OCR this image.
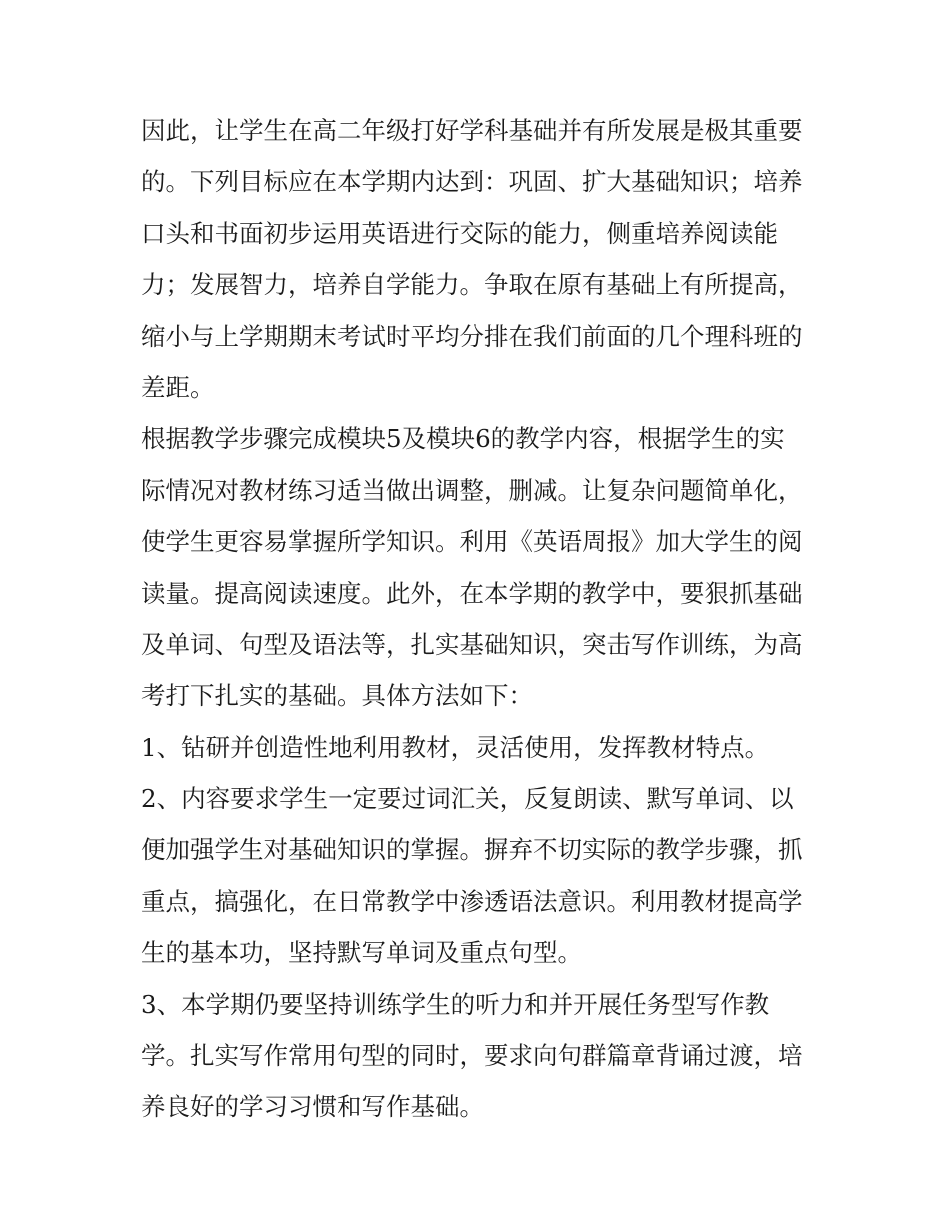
因此，让学生在高二年级打好学科基础并有所发展是极其重要
的。下列目标应在本学期内达到：巩固、扩大基础知识；培养
口头和书面初步运用英语进行交际的能力，侧重培养阅读能
力；发展智力，培养自学能力。争取在原有基础上有所提高，
缩小与上学期期末考试时平均分排在我们前面的几个理科班的
差距。
根据教学步骤完成模块5及模块6的教学内容，根据学生的实
际情况对教材练习适当做出调整，删减。让复杂问题简单化，
使学生更容易掌握所学知识。利用《英语周报》加大学生的阅
读量。提高阅读速度。此外，在本学期的教学中，要狠抓基础
及单词、句型及语法等，扎实基础知识，突击写作训练，为高
考打下扎实的基础。具体方法如下：
1、钻研并创造性地利用教材，灵活使用，发挥教材特点。
2、内容要求学生一定要过词汇关，反复朗读、默写单词、以
便加强学生对基础知识的掌握。摒弃不切实际的教学步骤，抓
重点，搞强化，在日常教学中渗透语法意识。利用教材提高学
生的基本功，坚持默写单词及重点句型。
3、本学期仍要坚持训练学生的听力和并开展任务型写作教
学。扎实写作常用句型的同时，要求向句群篇章背诵过渡，培
养良好的学习习惯和写作基础。
